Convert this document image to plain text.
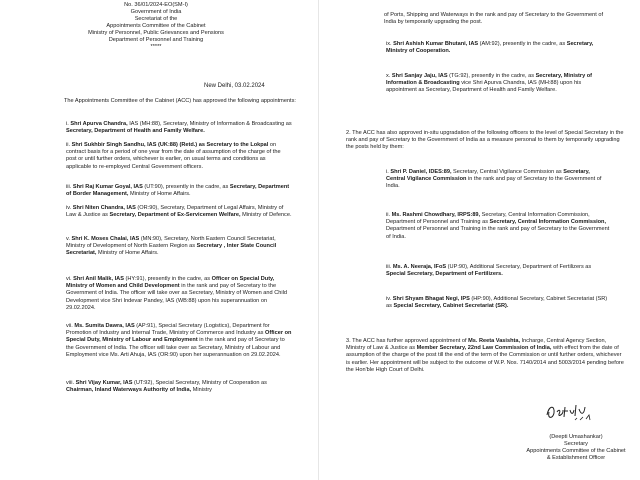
No. 36/01/2024-EO(SM-I)
Government of India
Secretariat of the
Appointments Committee of the Cabinet
Ministry of Personnel, Public Grievances and Pensions
Department of Personnel and Training
*****
New Delhi, 03.02.2024
The Appointments Committee of the Cabinet (ACC) has approved the following appointments:
i. Shri Apurva Chandra, IAS (MH:88), Secretary, Ministry of Information & Broadcasting as Secretary, Department of Health and Family Welfare.
ii. Shri Sukhbir Singh Sandhu, IAS (UK:88) (Retd.) as Secretary to the Lokpal on contract basis for a period of one year from the date of assumption of the charge of the post or until further orders, whichever is earlier, on usual terms and conditions as applicable to re-employed Central Government officers.
iii. Shri Raj Kumar Goyal, IAS (UT:90), presently in the cadre, as Secretary, Department of Border Management, Ministry of Home Affairs.
iv. Shri Niten Chandra, IAS (OR:90), Secretary, Department of Legal Affairs, Ministry of Law & Justice as Secretary, Department of Ex-Servicemen Welfare, Ministry of Defence.
v. Shri K. Moses Chalai, IAS (MN:90), Secretary, North Eastern Council Secretariat, Ministry of Development of North Eastern Region as Secretary , Inter State Council Secretariat, Ministry of Home Affairs.
vi. Shri Anil Malik, IAS (HY:91), presently in the cadre, as Officer on Special Duty, Ministry of Women and Child Development in the rank and pay of Secretary to the Government of India. The officer will take over as Secretary, Ministry of Women and Child Development vice Shri Indevar Pandey, IAS (WB:88) upon his superannuation on 29.02.2024.
vii. Ms. Sumita Dawra, IAS (AP:91), Special Secretary (Logistics), Department for Promotion of Industry and Internal Trade, Ministry of Commerce and Industry as Officer on Special Duty, Ministry of Labour and Employment in the rank and pay of Secretary to the Government of India. The officer will take over as Secretary, Ministry of Labour and Employment vice Ms. Arti Ahuja, IAS (OR:90) upon her superannuation on 29.02.2024.
viii. Shri Vijay Kumar, IAS (UT:92), Special Secretary, Ministry of Cooperation as Chairman, Inland Waterways Authority of India, Ministry
of Ports, Shipping and Waterways in the rank and pay of Secretary to the Government of India by temporarily upgrading the post.
ix. Shri Ashish Kumar Bhutani, IAS (AM:92), presently in the cadre, as Secretary, Ministry of Cooperation.
x. Shri Sanjay Jaju, IAS (TG:92), presently in the cadre, as Secretary, Ministry of Information & Broadcasting vice Shri Apurva Chandra, IAS (MH:88) upon his appointment as Secretary, Department of Health and Family Welfare.
2. The ACC has also approved in-situ upgradation of the following officers to the level of Special Secretary in the rank and pay of Secretary to the Government of India as a measure personal to them by temporarily upgrading the posts held by them:
i. Shri P. Daniel, IDES:89, Secretary, Central Vigilance Commission as Secretary, Central Vigilance Commission in the rank and pay of Secretary to the Government of India.
ii. Ms. Rashmi Chowdhary, IRPS:89, Secretary, Central Information Commission, Department of Personnel and Training as Secretary, Central Information Commission, Department of Personnel and Training in the rank and pay of Secretary to the Government of India.
iii. Ms. A. Neeraja, IFoS (UP:90), Additional Secretary, Department of Fertilizers as Special Secretary, Department of Fertilizers.
iv. Shri Shyam Bhagat Negi, IPS (HP:90), Additional Secretary, Cabinet Secretariat (SR) as Special Secretary, Cabinet Secretariat (SR).
3. The ACC has further approved appointment of Ms. Reeta Vasishta, Incharge, Central Agency Section, Ministry of Law & Justice as Member Secretary, 22nd Law Commission of India, with effect from the date of assumption of the charge of the post till the end of the term of the Commission or until further orders, whichever is earlier. Her appointment will be subject to the outcome of W.P. Nos. 7140/2014 and 5003/2014 pending before the Hon'ble High Court of Delhi.
(Deepti Umashankar)
Secretary
Appointments Committee of the Cabinet
& Establishment Officer
